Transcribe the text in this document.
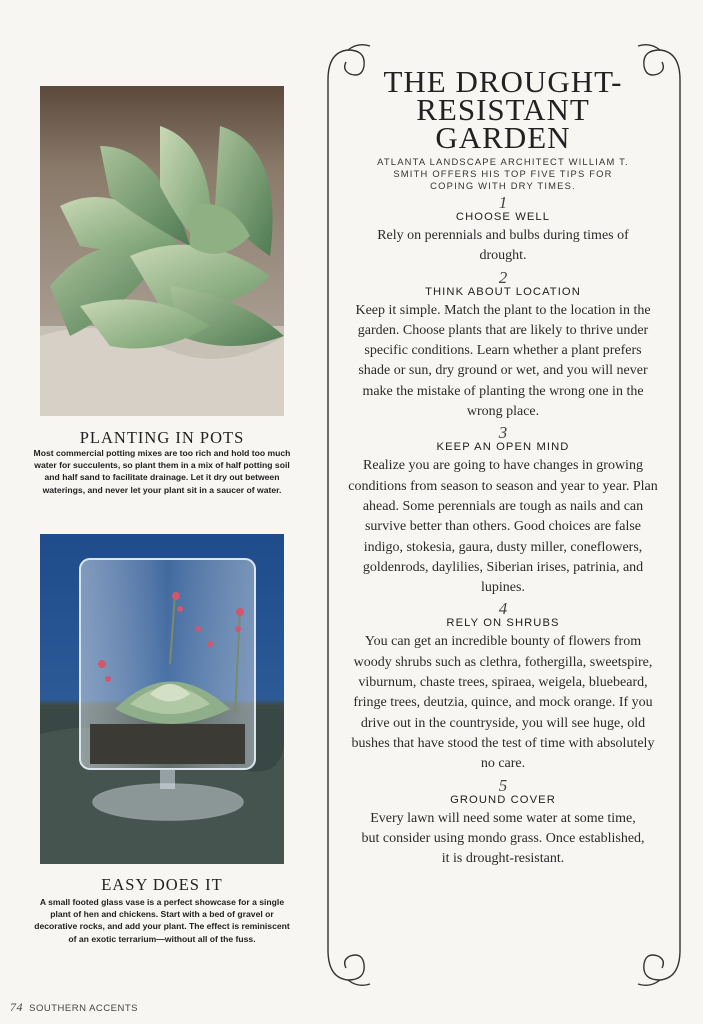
PLANTING IN POTS
Most commercial potting mixes are too rich and hold too much water for succulents, so plant them in a mix of half potting soil and half sand to facilitate drainage. Let it dry out between waterings, and never let your plant sit in a saucer of water.
EASY DOES IT
A small footed glass vase is a perfect showcase for a single plant of hen and chickens. Start with a bed of gravel or decorative rocks, and add your plant. The effect is reminiscent of an exotic terrarium—without all of the fuss.
74 SOUTHERN ACCENTS
THE DROUGHT-
RESISTANT
GARDEN
ATLANTA LANDSCAPE ARCHITECT WILLIAM T. SMITH OFFERS HIS TOP FIVE TIPS FOR COPING WITH DRY TIMES.
1
CHOOSE WELL
Rely on perennials and bulbs during times of drought.
2
THINK ABOUT LOCATION
Keep it simple. Match the plant to the location in the garden. Choose plants that are likely to thrive under specific conditions. Learn whether a plant prefers shade or sun, dry ground or wet, and you will never make the mistake of planting the wrong one in the wrong place.
3
KEEP AN OPEN MIND
Realize you are going to have changes in growing conditions from season to season and year to year. Plan ahead. Some perennials are tough as nails and can survive better than others. Good choices are false indigo, stokesia, gaura, dusty miller, coneflowers, goldenrods, daylilies, Siberian irises, patrinia, and lupines.
4
RELY ON SHRUBS
You can get an incredible bounty of flowers from woody shrubs such as clethra, fothergilla, sweetspire, viburnum, chaste trees, spiraea, weigela, bluebeard, fringe trees, deutzia, quince, and mock orange. If you drive out in the countryside, you will see huge, old bushes that have stood the test of time with absolutely no care.
5
GROUND COVER
Every lawn will need some water at some time, but consider using mondo grass. Once established, it is drought-resistant.
